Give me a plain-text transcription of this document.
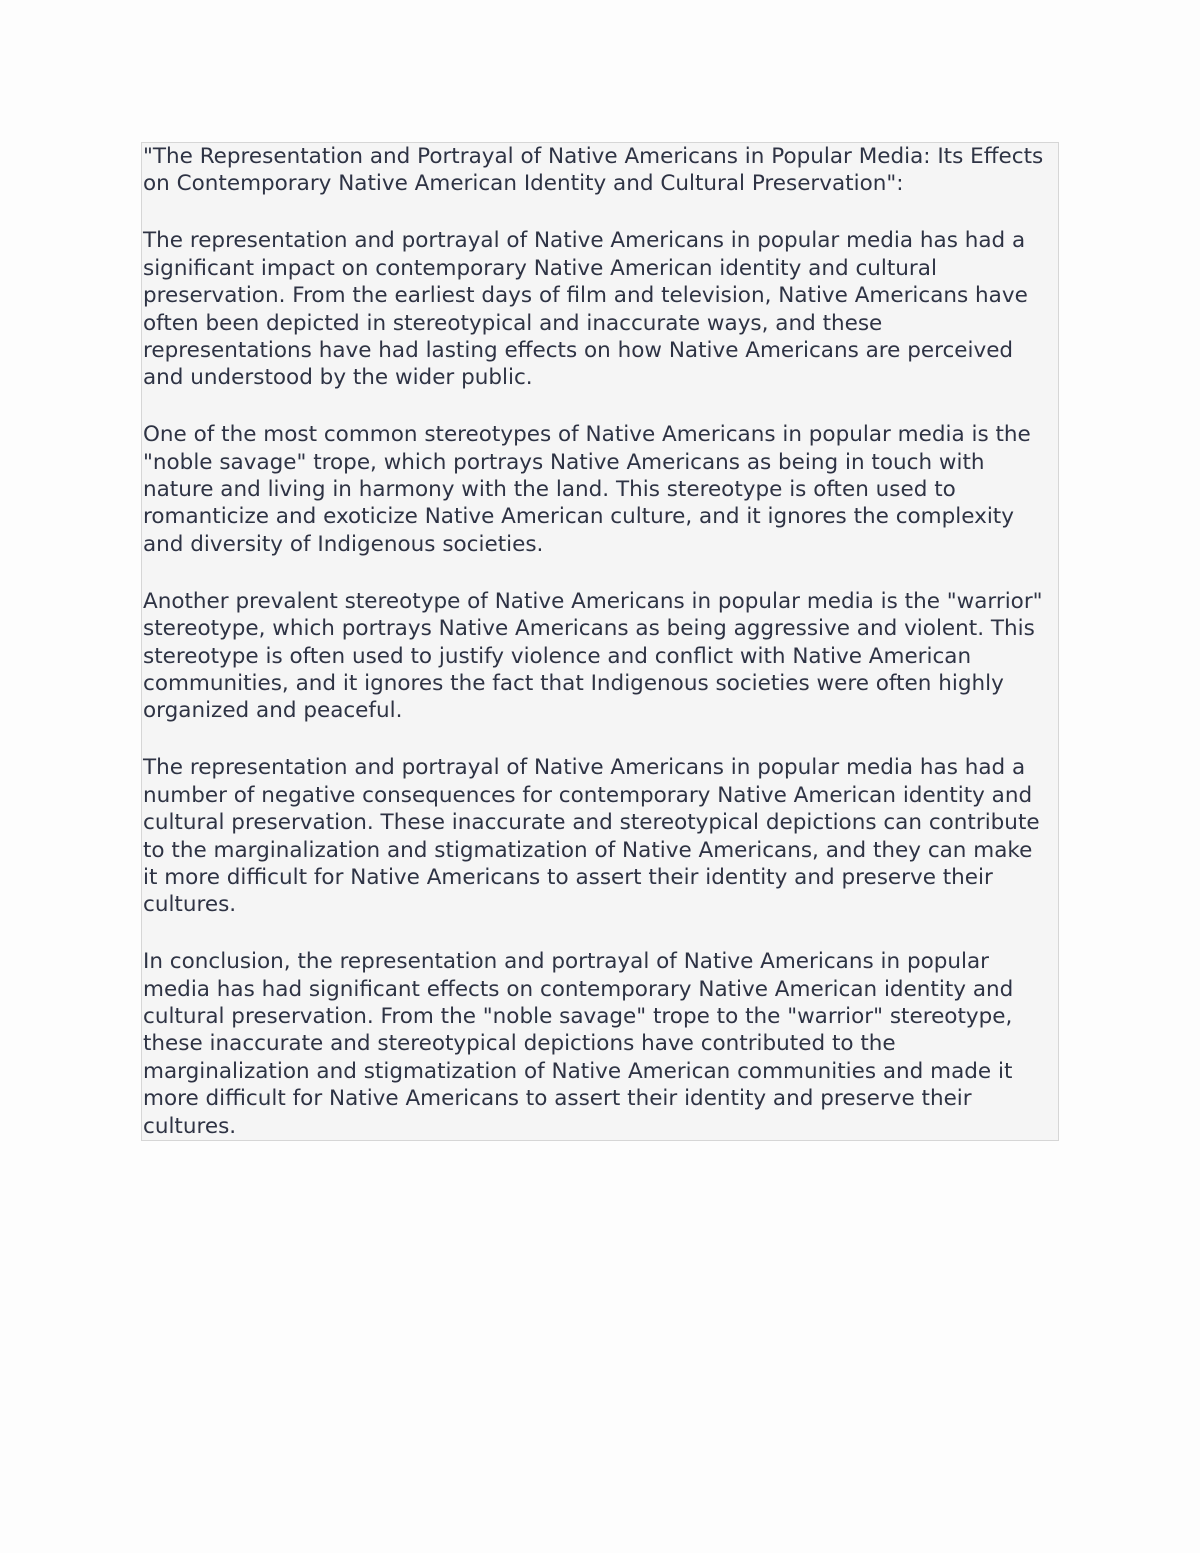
"The Representation and Portrayal of Native Americans in Popular Media: Its Effects on Contemporary Native American Identity and Cultural Preservation":

The representation and portrayal of Native Americans in popular media has had a significant impact on contemporary Native American identity and cultural preservation. From the earliest days of film and television, Native Americans have often been depicted in stereotypical and inaccurate ways, and these representations have had lasting effects on how Native Americans are perceived and understood by the wider public.

One of the most common stereotypes of Native Americans in popular media is the "noble savage" trope, which portrays Native Americans as being in touch with nature and living in harmony with the land. This stereotype is often used to romanticize and exoticize Native American culture, and it ignores the complexity and diversity of Indigenous societies.

Another prevalent stereotype of Native Americans in popular media is the "warrior" stereotype, which portrays Native Americans as being aggressive and violent. This stereotype is often used to justify violence and conflict with Native American communities, and it ignores the fact that Indigenous societies were often highly organized and peaceful.

The representation and portrayal of Native Americans in popular media has had a number of negative consequences for contemporary Native American identity and cultural preservation. These inaccurate and stereotypical depictions can contribute to the marginalization and stigmatization of Native Americans, and they can make it more difficult for Native Americans to assert their identity and preserve their cultures.

In conclusion, the representation and portrayal of Native Americans in popular media has had significant effects on contemporary Native American identity and cultural preservation. From the "noble savage" trope to the "warrior" stereotype, these inaccurate and stereotypical depictions have contributed to the marginalization and stigmatization of Native American communities and made it more difficult for Native Americans to assert their identity and preserve their cultures.
